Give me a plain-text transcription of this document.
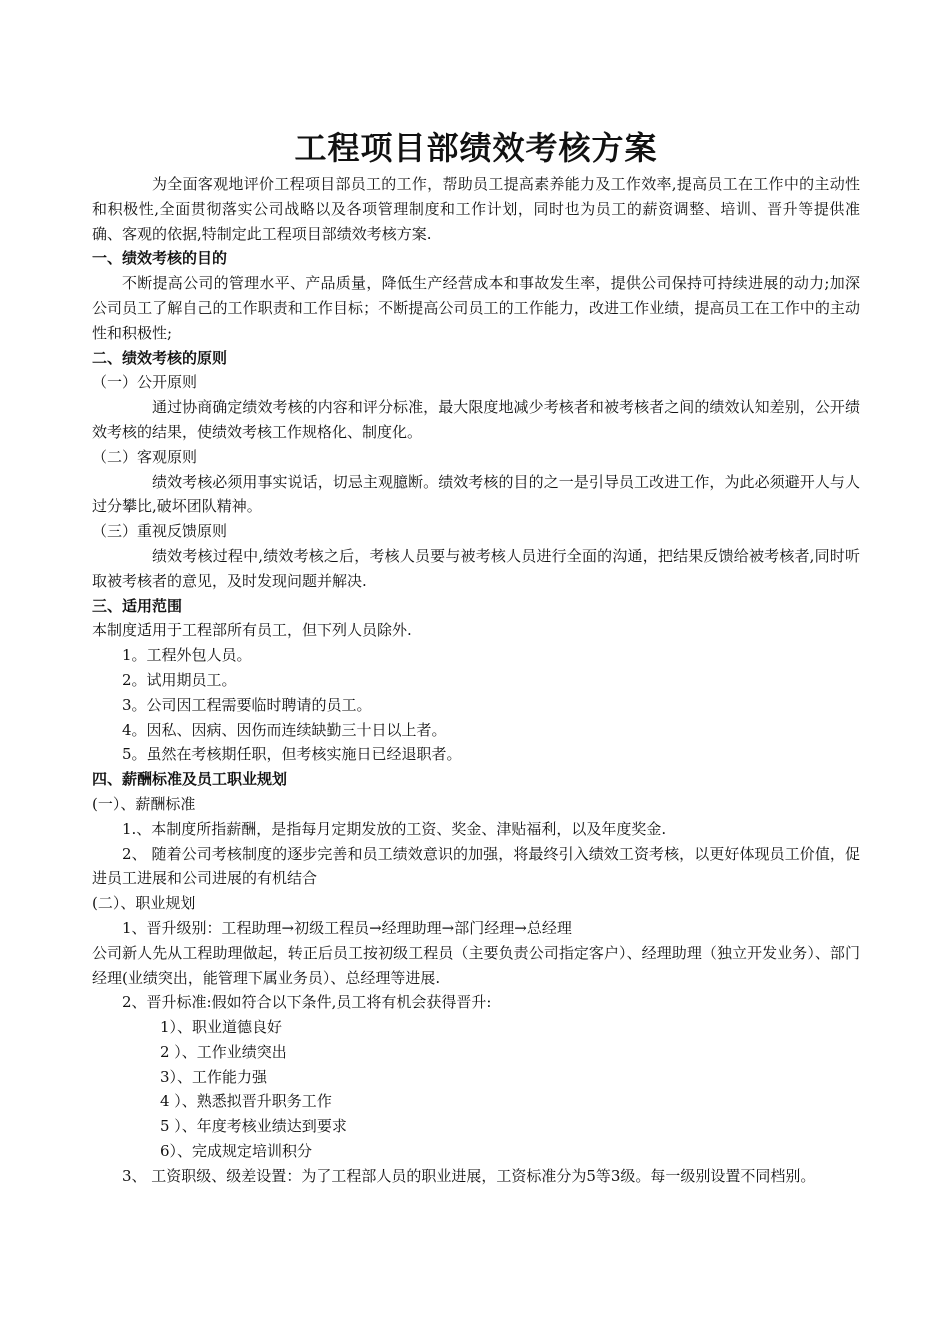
工程项目部绩效考核方案

为全面客观地评价工程项目部员工的工作，帮助员工提高素养能力及工作效率,提高员工在工作中的主动性和积极性,全面贯彻落实公司战略以及各项管理制度和工作计划，同时也为员工的薪资调整、培训、晋升等提供准确、客观的依据,特制定此工程项目部绩效考核方案.

一、绩效考核的目的

不断提高公司的管理水平、产品质量，降低生产经营成本和事故发生率，提供公司保持可持续进展的动力;加深公司员工了解自己的工作职责和工作目标；不断提高公司员工的工作能力，改进工作业绩，提高员工在工作中的主动性和积极性;

二、绩效考核的原则

（一）公开原则

通过协商确定绩效考核的内容和评分标准，最大限度地减少考核者和被考核者之间的绩效认知差别，公开绩效考核的结果，使绩效考核工作规格化、制度化。

（二）客观原则

绩效考核必须用事实说话，切忌主观臆断。绩效考核的目的之一是引导员工改进工作，为此必须避开人与人过分攀比,破坏团队精神。

（三）重视反馈原则

绩效考核过程中,绩效考核之后，考核人员要与被考核人员进行全面的沟通，把结果反馈给被考核者,同时听取被考核者的意见，及时发现问题并解决.

三、适用范围

本制度适用于工程部所有员工，但下列人员除外.

1。工程外包人员。

2。试用期员工。

3。公司因工程需要临时聘请的员工。

4。因私、因病、因伤而连续缺勤三十日以上者。

5。虽然在考核期任职，但考核实施日已经退职者。

四、薪酬标准及员工职业规划

(一）、薪酬标准

1.、本制度所指薪酬，是指每月定期发放的工资、奖金、津贴福利，以及年度奖金.

2、 随着公司考核制度的逐步完善和员工绩效意识的加强，将最终引入绩效工资考核，以更好体现员工价值，促进员工进展和公司进展的有机结合

(二）、职业规划

1、晋升级别：工程助理→初级工程员→经理助理→部门经理→总经理

公司新人先从工程助理做起，转正后员工按初级工程员（主要负责公司指定客户）、经理助理（独立开发业务）、部门经理(业绩突出，能管理下属业务员）、总经理等进展.

2、晋升标准:假如符合以下条件,员工将有机会获得晋升:

1）、职业道德良好

2 ）、工作业绩突出

3）、工作能力强

4 ）、熟悉拟晋升职务工作

5 ）、年度考核业绩达到要求

6）、完成规定培训积分

3、 工资职级、级差设置：为了工程部人员的职业进展，工资标准分为5等3级。每一级别设置不同档别。
